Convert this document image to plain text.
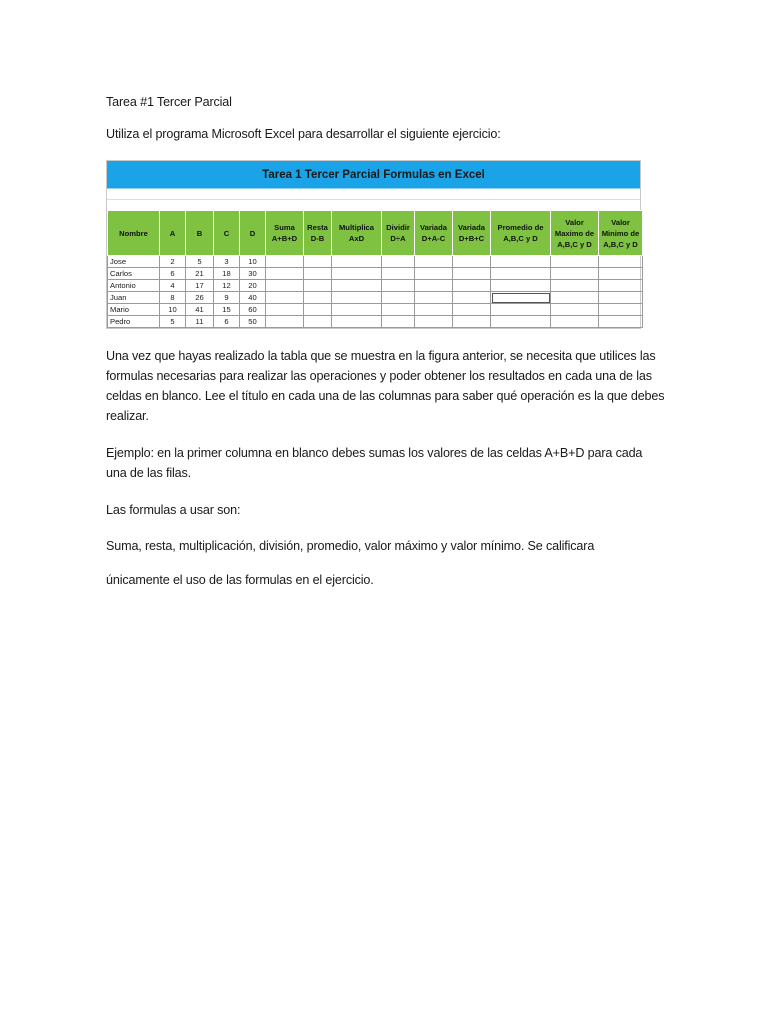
Tarea #1 Tercer Parcial

Utiliza el programa Microsoft Excel para desarrollar el siguiente ejercicio:

Tarea 1 Tercer Parcial Formulas en Excel
Nombre	A	B	C	D	Suma A+B+D	Resta D-B	Multiplica AxD	Dividir D÷A	Variada D+A-C	Variada D+B+C	Promedio de A,B,C y D	Valor Maximo de A,B,C y D	Valor Minimo de A,B,C y D
Jose	2	5	3	10									
Carlos	6	21	18	30									
Antonio	4	17	12	20									
Juan	8	26	9	40									
Mario	10	41	15	60									
Pedro	5	11	6	50									

Una vez que hayas realizado la tabla que se muestra en la figura anterior, se necesita que utilices las formulas necesarias para realizar las operaciones y poder obtener los resultados en cada una de las celdas en blanco. Lee el título en cada una de las columnas para saber qué operación es la que debes realizar.

Ejemplo: en la primer columna en blanco debes sumas los valores de las celdas A+B+D para cada una de las filas.

Las formulas a usar son:

Suma, resta, multiplicación, división, promedio, valor máximo y valor mínimo. Se calificara

únicamente el uso de las formulas en el ejercicio.
